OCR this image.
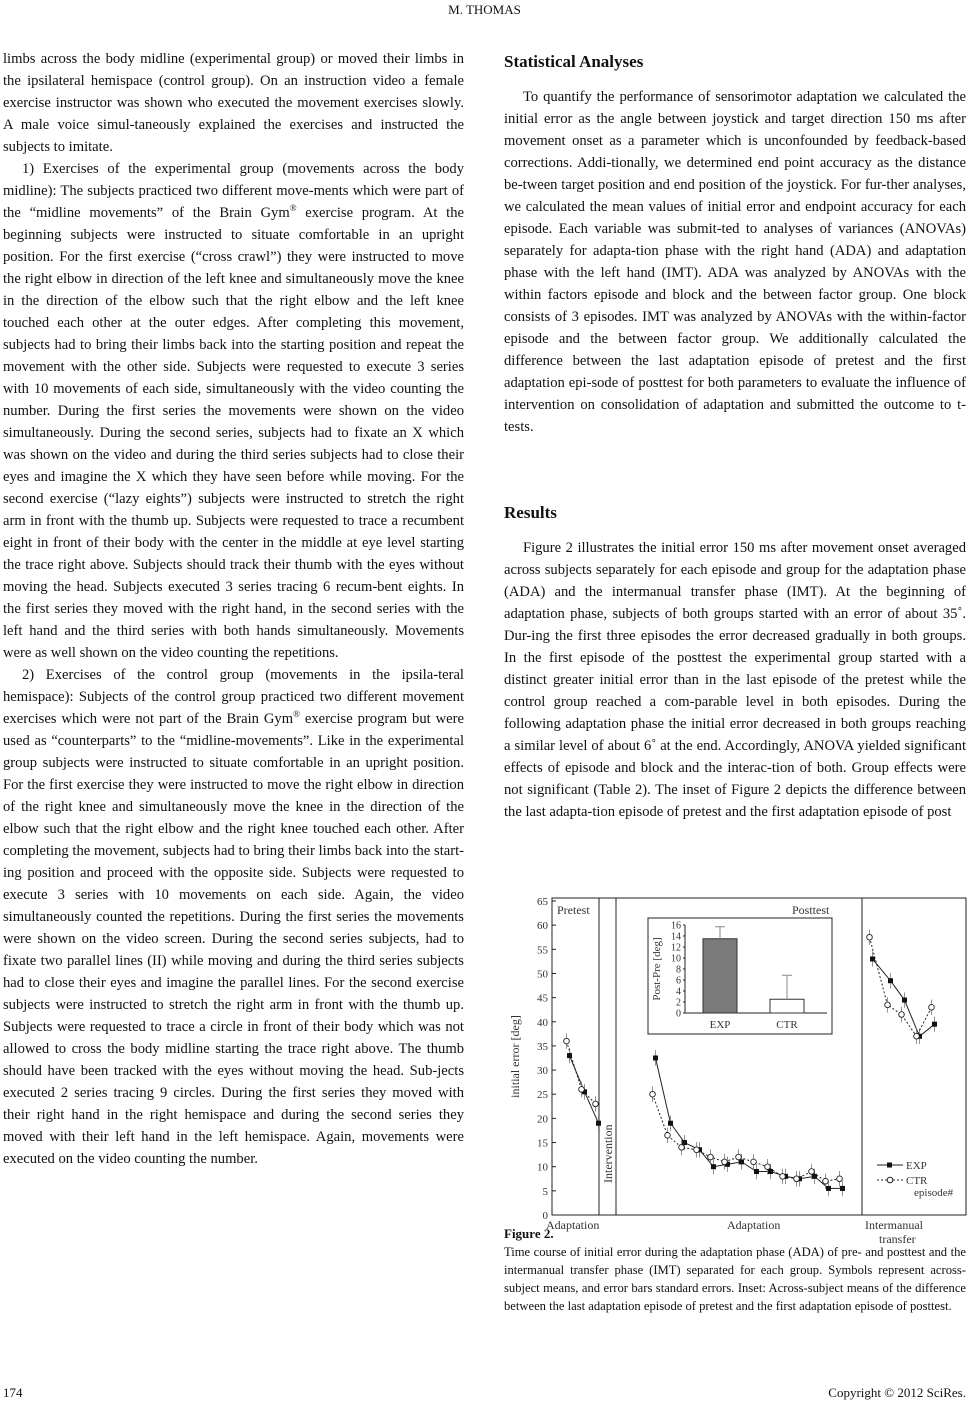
M. THOMAS

limbs across the body midline (experimental group) or moved their limbs in the ipsilateral hemispace (control group). On an instruction video a female exercise instructor was shown who executed the movement exercises slowly. A male voice simul-taneously explained the exercises and instructed the subjects to imitate.

1) Exercises of the experimental group (movements across the body midline): The subjects practiced two different move-ments which were part of the “midline movements” of the Brain Gym® exercise program. At the beginning subjects were instructed to situate comfortable in an upright position. For the first exercise (“cross crawl”) they were instructed to move the right elbow in direction of the left knee and simultaneously move the knee in the direction of the elbow such that the right elbow and the left knee touched each other at the outer edges. After completing this movement, subjects had to bring their limbs back into the starting position and repeat the movement with the other side. Subjects were requested to execute 3 series with 10 movements of each side, simultaneously with the video counting the number. During the first series the movements were shown on the video simultaneously. During the second series, subjects had to fixate an X which was shown on the video and during the third series subjects had to close their eyes and imagine the X which they have seen before while moving. For the second exercise (“lazy eights”) subjects were instructed to stretch the right arm in front with the thumb up. Subjects were requested to trace a recumbent eight in front of their body with the center in the middle at eye level starting the trace right above. Subjects should track their thumb with the eyes without moving the head. Subjects executed 3 series tracing 6 recum-bent eights. In the first series they moved with the right hand, in the second series with the left hand and the third series with both hands simultaneously. Movements were as well shown on the video counting the repetitions.

2) Exercises of the control group (movements in the ipsila-teral hemispace): Subjects of the control group practiced two different movement exercises which were not part of the Brain Gym® exercise program but were used as “counterparts” to the “midline-movements”. Like in the experimental group subjects were instructed to situate comfortable in an upright position. For the first exercise they were instructed to move the right elbow in direction of the right knee and simultaneously move the knee in the direction of the elbow such that the right elbow and the right knee touched each other. After completing the movement, subjects had to bring their limbs back into the start-ing position and proceed with the opposite side. Subjects were requested to execute 3 series with 10 movements on each side. Again, the video simultaneously counted the repetitions. During the first series the movements were shown on the video screen. During the second series subjects, had to fixate two parallel lines (II) while moving and during the third series subjects had to close their eyes and imagine the parallel lines. For the second exercise subjects were instructed to stretch the right arm in front with the thumb up. Subjects were requested to trace a circle in front of their body which was not allowed to cross the body midline starting the trace right above. The thumb should have been tracked with the eyes without moving the head. Sub-jects executed 2 series tracing 9 circles. During the first series they moved with their right hand in the right hemispace and during the second series they moved with their left hand in the left hemispace. Again, movements were executed on the video counting the number.

Statistical Analyses

To quantify the performance of sensorimotor adaptation we calculated the initial error as the angle between joystick and target direction 150 ms after movement onset as a parameter which is unconfounded by feedback-based corrections. Addi-tionally, we determined end point accuracy as the distance be-tween target position and end position of the joystick. For fur-ther analyses, we calculated the mean values of initial error and endpoint accuracy for each episode. Each variable was submit-ted to analyses of variances (ANOVAs) separately for adapta-tion phase with the right hand (ADA) and adaptation phase with the left hand (IMT). ADA was analyzed by ANOVAs with the within factors episode and block and the between factor group. One block consists of 3 episodes. IMT was analyzed by ANOVAs with the within-factor episode and the between factor group. We additionally calculated the difference between the last adaptation episode of pretest and the first adaptation epi-sode of posttest for both parameters to evaluate the influence of intervention on consolidation of adaptation and submitted the outcome to t-tests.

Results

Figure 2 illustrates the initial error 150 ms after movement onset averaged across subjects separately for each episode and group for the adaptation phase (ADA) and the intermanual transfer phase (IMT). At the beginning of adaptation phase, subjects of both groups started with an error of about 35˚. Dur-ing the first three episodes the error decreased gradually in both groups. In the first episode of the posttest the experimental group started with a distinct greater initial error than in the last episode of the pretest while the control group reached a com-parable level in both episodes. During the following adaptation phase the initial error decreased in both groups reaching a similar level of about 6˚ at the end. Accordingly, ANOVA yielded significant effects of episode and block and the interac-tion of both. Group effects were not significant (Table 2). The inset of Figure 2 depicts the difference between the last adapta-tion episode of pretest and the first adaptation episode of post

0
5
10
15
20
25
30
35
40
45
50
55
60
65
initial error [deg]
Pretest	Posttest
Intervention
Adaptation	Adaptation	Intermanual
transfer
episode#
EXP
CTR
0
2
4
6
8
10
12
14
16
Post-Pre [deg]
EXP	CTR
Figure 2.
Time course of initial error during the adaptation phase (ADA) of pre- and posttest and the intermanual transfer phase (IMT) separated for each group. Symbols represent across-subject means, and error bars standard errors. Inset: Across-subject means of the difference between the last adaptation episode of pretest and the first adaptation episode of posttest.
174	Copyright © 2012 SciRes.
